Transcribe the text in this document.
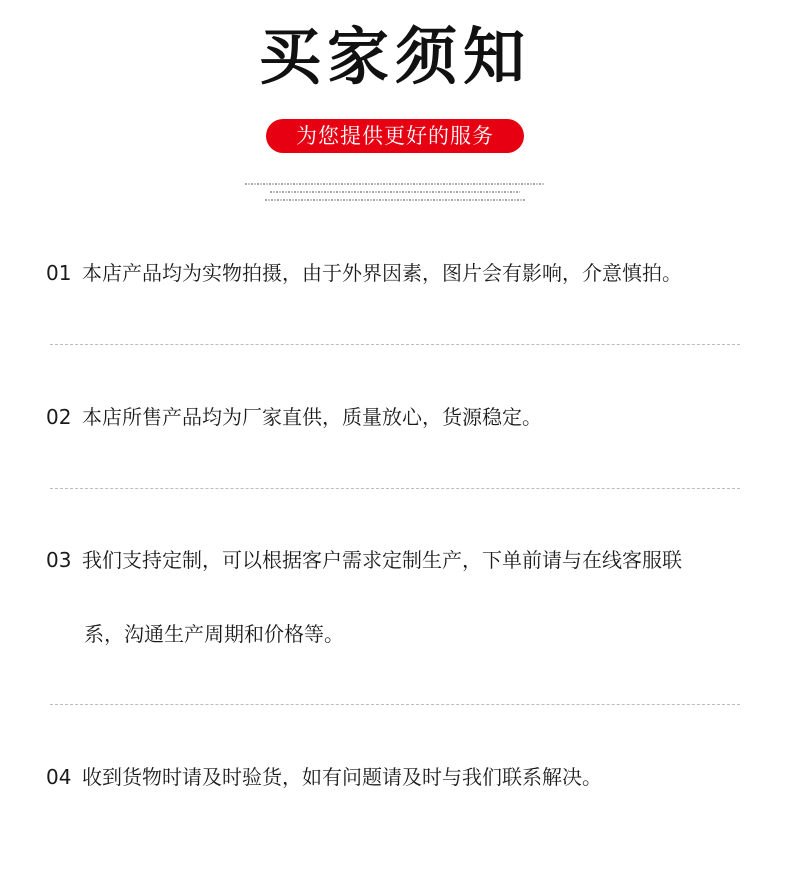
买家须知
为您提供更好的服务
01 本店产品均为实物拍摄，由于外界因素，图片会有影响，介意慎拍。
02 本店所售产品均为厂家直供，质量放心，货源稳定。
03 我们支持定制，可以根据客户需求定制生产，下单前请与在线客服联
系，沟通生产周期和价格等。
04 收到货物时请及时验货，如有问题请及时与我们联系解决。
